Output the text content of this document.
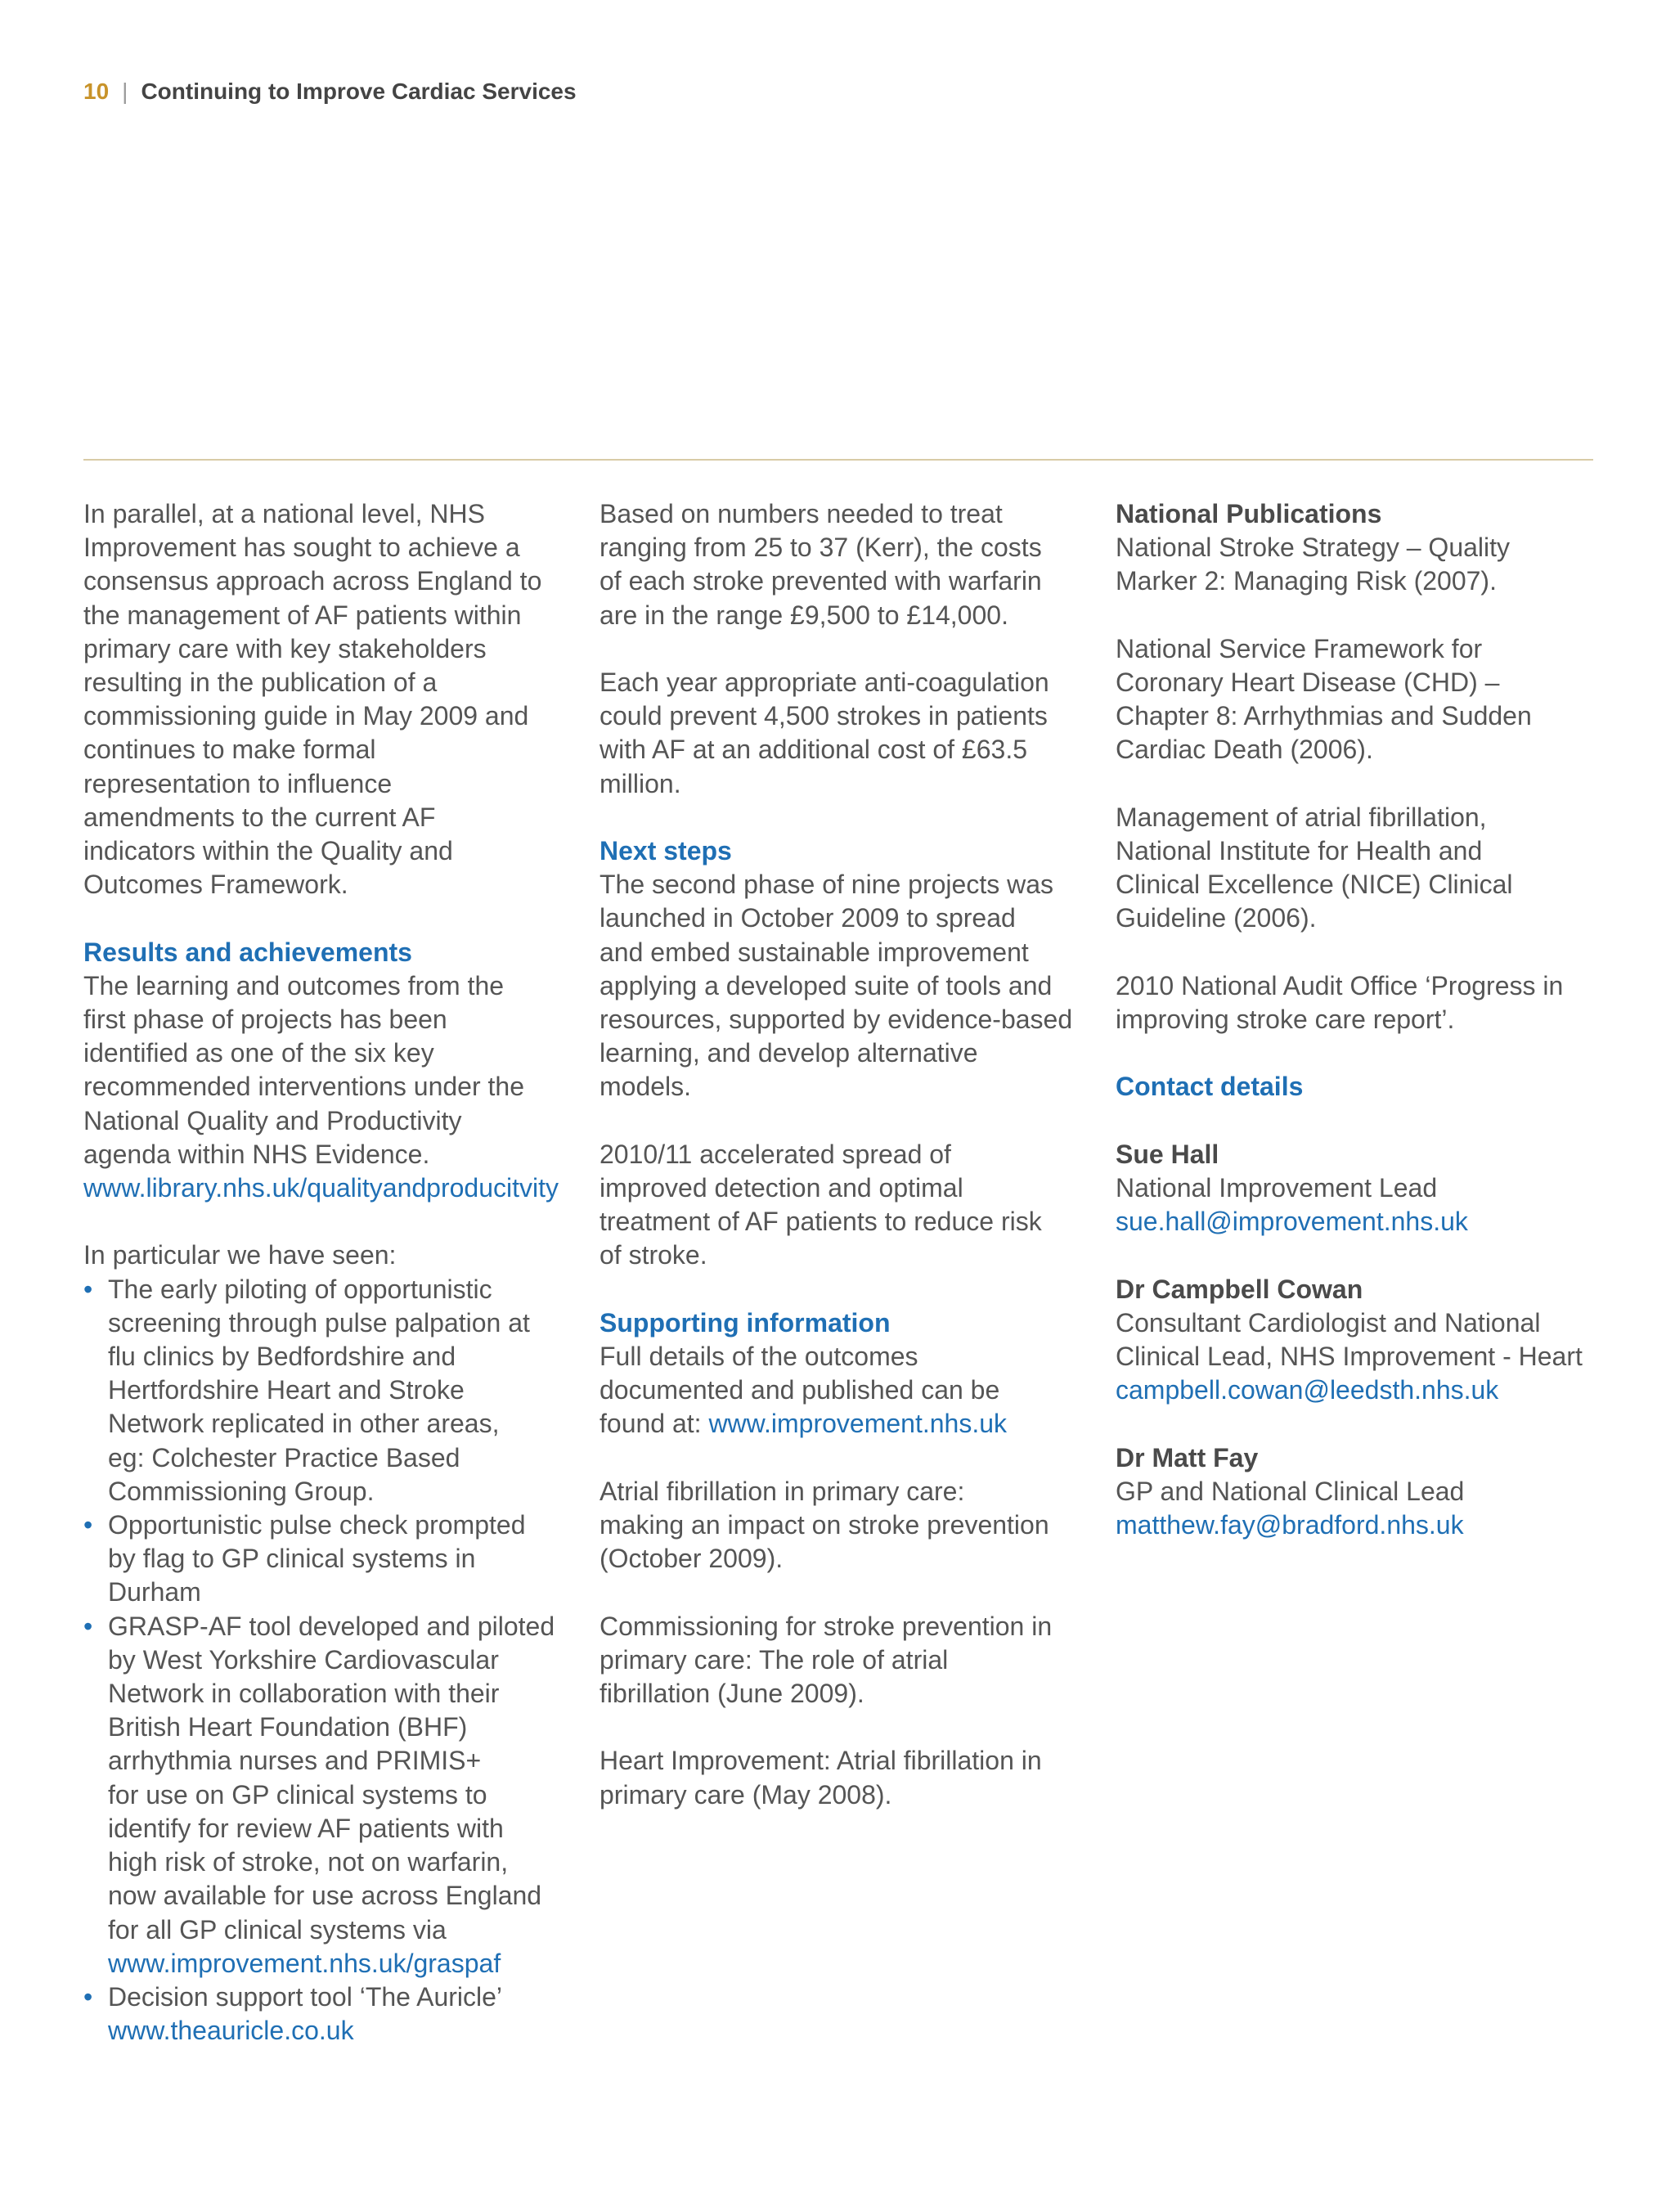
10 | Continuing to Improve Cardiac Services

In parallel, at a national level, NHS
Improvement has sought to achieve a
consensus approach across England to
the management of AF patients within
primary care with key stakeholders
resulting in the publication of a
commissioning guide in May 2009 and
continues to make formal
representation to influence
amendments to the current AF
indicators within the Quality and
Outcomes Framework.

Results and achievements

The learning and outcomes from the
first phase of projects has been
identified as one of the six key
recommended interventions under the
National Quality and Productivity
agenda within NHS Evidence.
www.library.nhs.uk/qualityandproducitvity

In particular we have seen:

• The early piloting of opportunistic
screening through pulse palpation at
flu clinics by Bedfordshire and
Hertfordshire Heart and Stroke
Network replicated in other areas,
eg: Colchester Practice Based
Commissioning Group.
• Opportunistic pulse check prompted
by flag to GP clinical systems in
Durham
• GRASP-AF tool developed and piloted
by West Yorkshire Cardiovascular
Network in collaboration with their
British Heart Foundation (BHF)
arrhythmia nurses and PRIMIS+
for use on GP clinical systems to
identify for review AF patients with
high risk of stroke, not on warfarin,
now available for use across England
for all GP clinical systems via
www.improvement.nhs.uk/graspaf
• Decision support tool ‘The Auricle’
www.theauricle.co.uk

Based on numbers needed to treat
ranging from 25 to 37 (Kerr), the costs
of each stroke prevented with warfarin
are in the range £9,500 to £14,000.

Each year appropriate anti-coagulation
could prevent 4,500 strokes in patients
with AF at an additional cost of £63.5
million.

Next steps

The second phase of nine projects was
launched in October 2009 to spread
and embed sustainable improvement
applying a developed suite of tools and
resources, supported by evidence-based
learning, and develop alternative
models.

2010/11 accelerated spread of
improved detection and optimal
treatment of AF patients to reduce risk
of stroke.

Supporting information

Full details of the outcomes
documented and published can be
found at: www.improvement.nhs.uk

Atrial fibrillation in primary care:
making an impact on stroke prevention
(October 2009).

Commissioning for stroke prevention in
primary care: The role of atrial
fibrillation (June 2009).

Heart Improvement: Atrial fibrillation in
primary care (May 2008).

National Publications

National Stroke Strategy – Quality
Marker 2: Managing Risk (2007).

National Service Framework for
Coronary Heart Disease (CHD) –
Chapter 8: Arrhythmias and Sudden
Cardiac Death (2006).

Management of atrial fibrillation,
National Institute for Health and
Clinical Excellence (NICE) Clinical
Guideline (2006).

2010 National Audit Office ‘Progress in
improving stroke care report’.

Contact details

Sue Hall

National Improvement Lead

sue.hall@improvement.nhs.uk

Dr Campbell Cowan

Consultant Cardiologist and National
Clinical Lead, NHS Improvement - Heart

campbell.cowan@leedsth.nhs.uk

Dr Matt Fay

GP and National Clinical Lead

matthew.fay@bradford.nhs.uk
